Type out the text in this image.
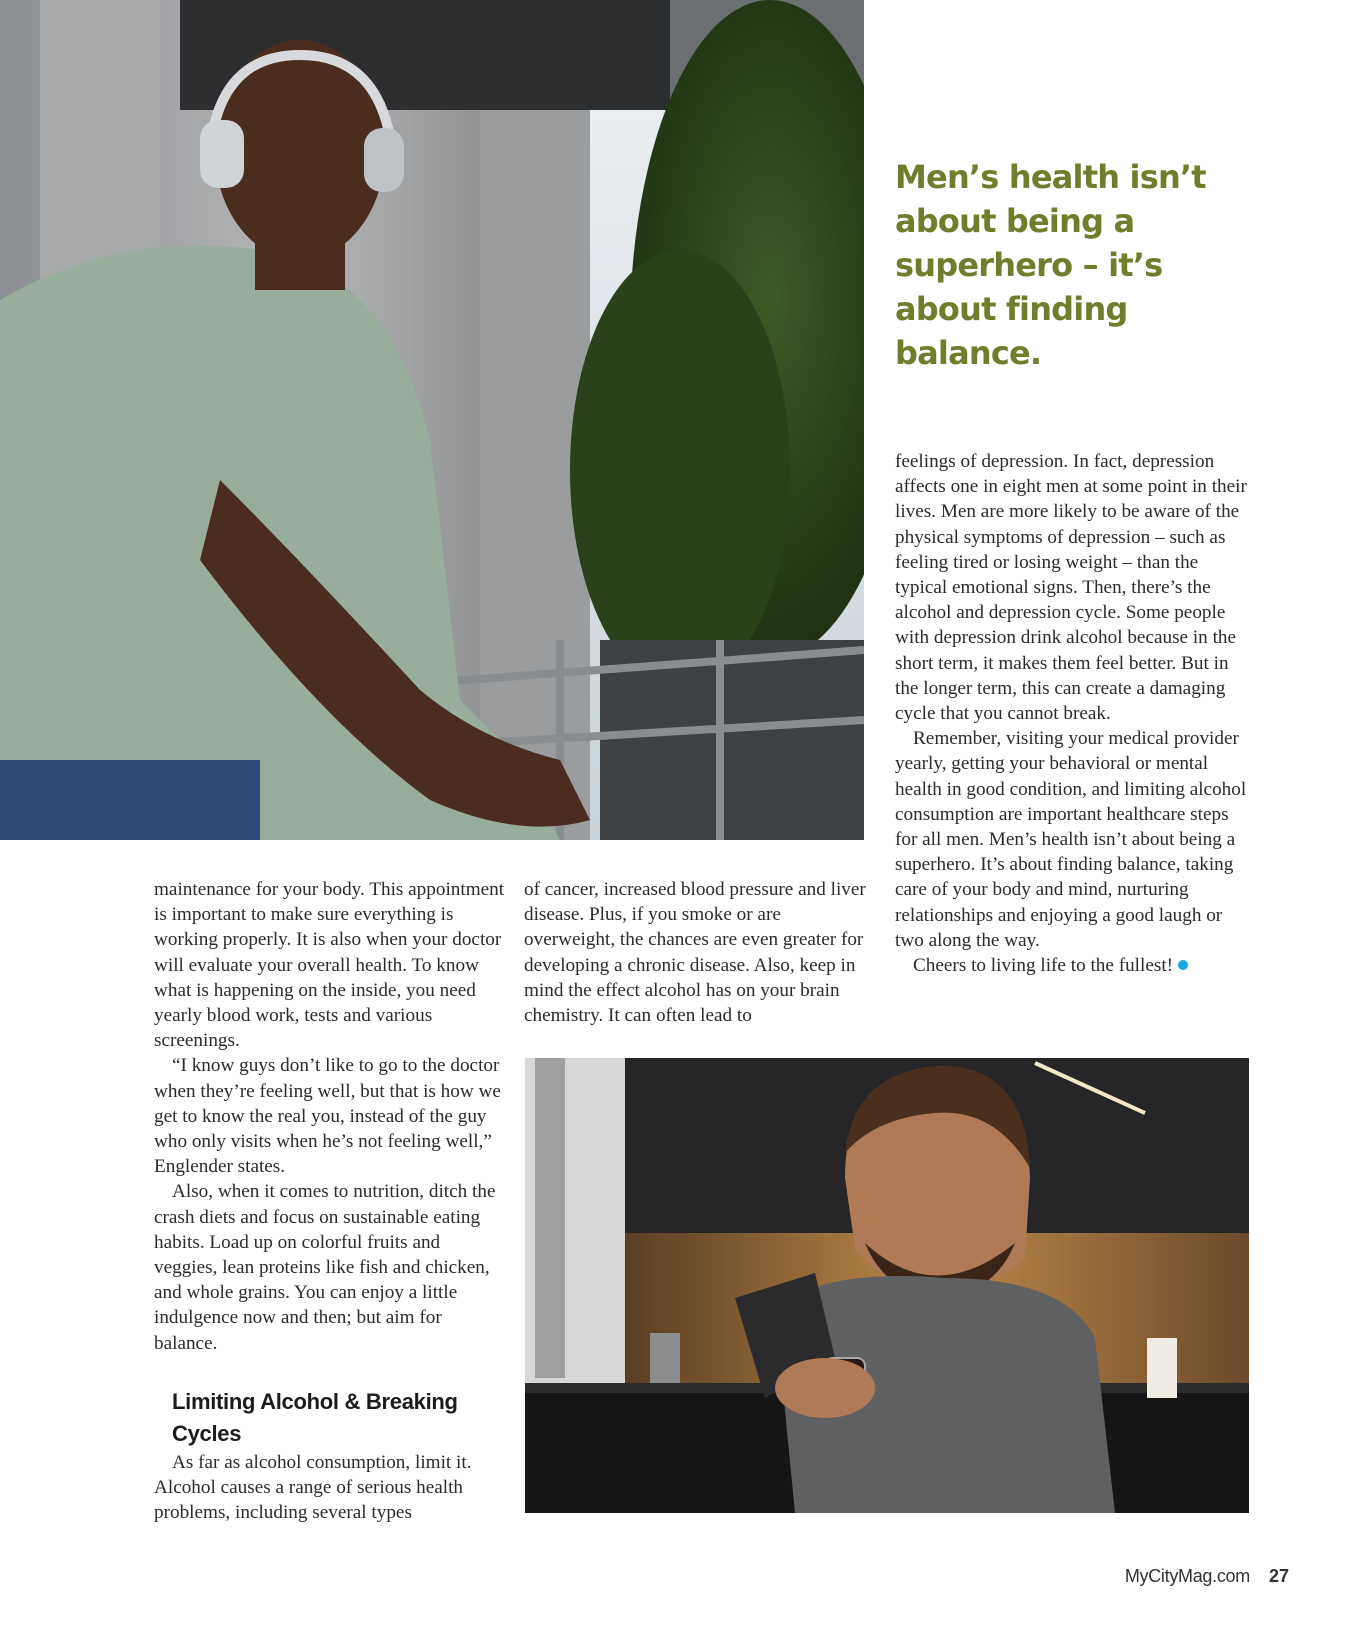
Men’s health isn’t about being a superhero – it’s about finding balance.

maintenance for your body. This appointment is important to make sure everything is working properly. It is also when your doctor will evaluate your overall health. To know what is happening on the inside, you need yearly blood work, tests and various screenings.

“I know guys don’t like to go to the doctor when they’re feeling well, but that is how we get to know the real you, instead of the guy who only visits when he’s not feeling well,” Englender states.

Also, when it comes to nutrition, ditch the crash diets and focus on sustainable eating habits. Load up on colorful fruits and veggies, lean proteins like fish and chicken, and whole grains. You can enjoy a little indulgence now and then; but aim for balance.

Limiting Alcohol & Breaking Cycles

As far as alcohol consumption, limit it. Alcohol causes a range of serious health problems, including several types

of cancer, increased blood pressure and liver disease. Plus, if you smoke or are overweight, the chances are even greater for developing a chronic disease. Also, keep in mind the effect alcohol has on your brain chemistry. It can often lead to

feelings of depression. In fact, depression affects one in eight men at some point in their lives. Men are more likely to be aware of the physical symptoms of depression – such as feeling tired or losing weight – than the typical emotional signs. Then, there’s the alcohol and depression cycle. Some people with depression drink alcohol because in the short term, it makes them feel better. But in the longer term, this can create a damaging cycle that you cannot break.

Remember, visiting your medical provider yearly, getting your behavioral or mental health in good condition, and limiting alcohol consumption are important healthcare steps for all men. Men’s health isn’t about being a superhero. It’s about finding balance, taking care of your body and mind, nurturing relationships and enjoying a good laugh or two along the way.

Cheers to living life to the fullest!

MyCityMag.com 27
